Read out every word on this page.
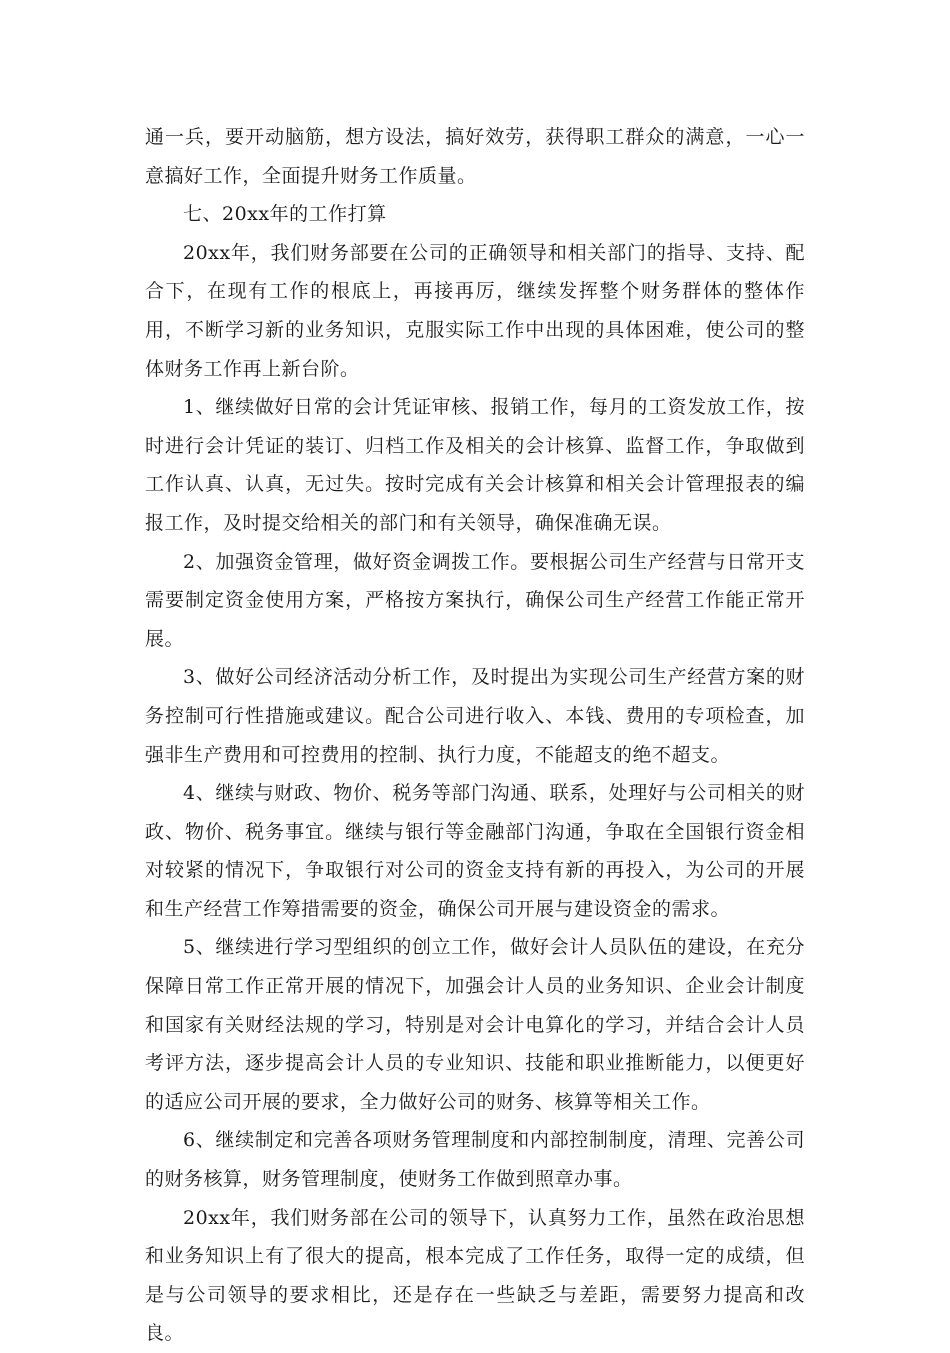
通一兵，要开动脑筋，想方设法，搞好效劳，获得职工群众的满意，一心一意搞好工作，全面提升财务工作质量。

七、20xx年的工作打算

20xx年，我们财务部要在公司的正确领导和相关部门的指导、支持、配合下，在现有工作的根底上，再接再厉，继续发挥整个财务群体的整体作用，不断学习新的业务知识，克服实际工作中出现的具体困难，使公司的整体财务工作再上新台阶。

1、继续做好日常的会计凭证审核、报销工作，每月的工资发放工作，按时进行会计凭证的装订、归档工作及相关的会计核算、监督工作，争取做到工作认真、认真，无过失。按时完成有关会计核算和相关会计管理报表的编报工作，及时提交给相关的部门和有关领导，确保准确无误。

2、加强资金管理，做好资金调拨工作。要根据公司生产经营与日常开支需要制定资金使用方案，严格按方案执行，确保公司生产经营工作能正常开展。

3、做好公司经济活动分析工作，及时提出为实现公司生产经营方案的财务控制可行性措施或建议。配合公司进行收入、本钱、费用的专项检查，加强非生产费用和可控费用的控制、执行力度，不能超支的绝不超支。

4、继续与财政、物价、税务等部门沟通、联系，处理好与公司相关的财政、物价、税务事宜。继续与银行等金融部门沟通，争取在全国银行资金相对较紧的情况下，争取银行对公司的资金支持有新的再投入，为公司的开展和生产经营工作筹措需要的资金，确保公司开展与建设资金的需求。

5、继续进行学习型组织的创立工作，做好会计人员队伍的建设，在充分保障日常工作正常开展的情况下，加强会计人员的业务知识、企业会计制度和国家有关财经法规的学习，特别是对会计电算化的学习，并结合会计人员考评方法，逐步提高会计人员的专业知识、技能和职业推断能力，以便更好的适应公司开展的要求，全力做好公司的财务、核算等相关工作。

6、继续制定和完善各项财务管理制度和内部控制制度，清理、完善公司的财务核算，财务管理制度，使财务工作做到照章办事。

20xx年，我们财务部在公司的领导下，认真努力工作，虽然在政治思想和业务知识上有了很大的提高，根本完成了工作任务，取得一定的成绩，但是与公司领导的要求相比，还是存在一些缺乏与差距，需要努力提高和改良。
